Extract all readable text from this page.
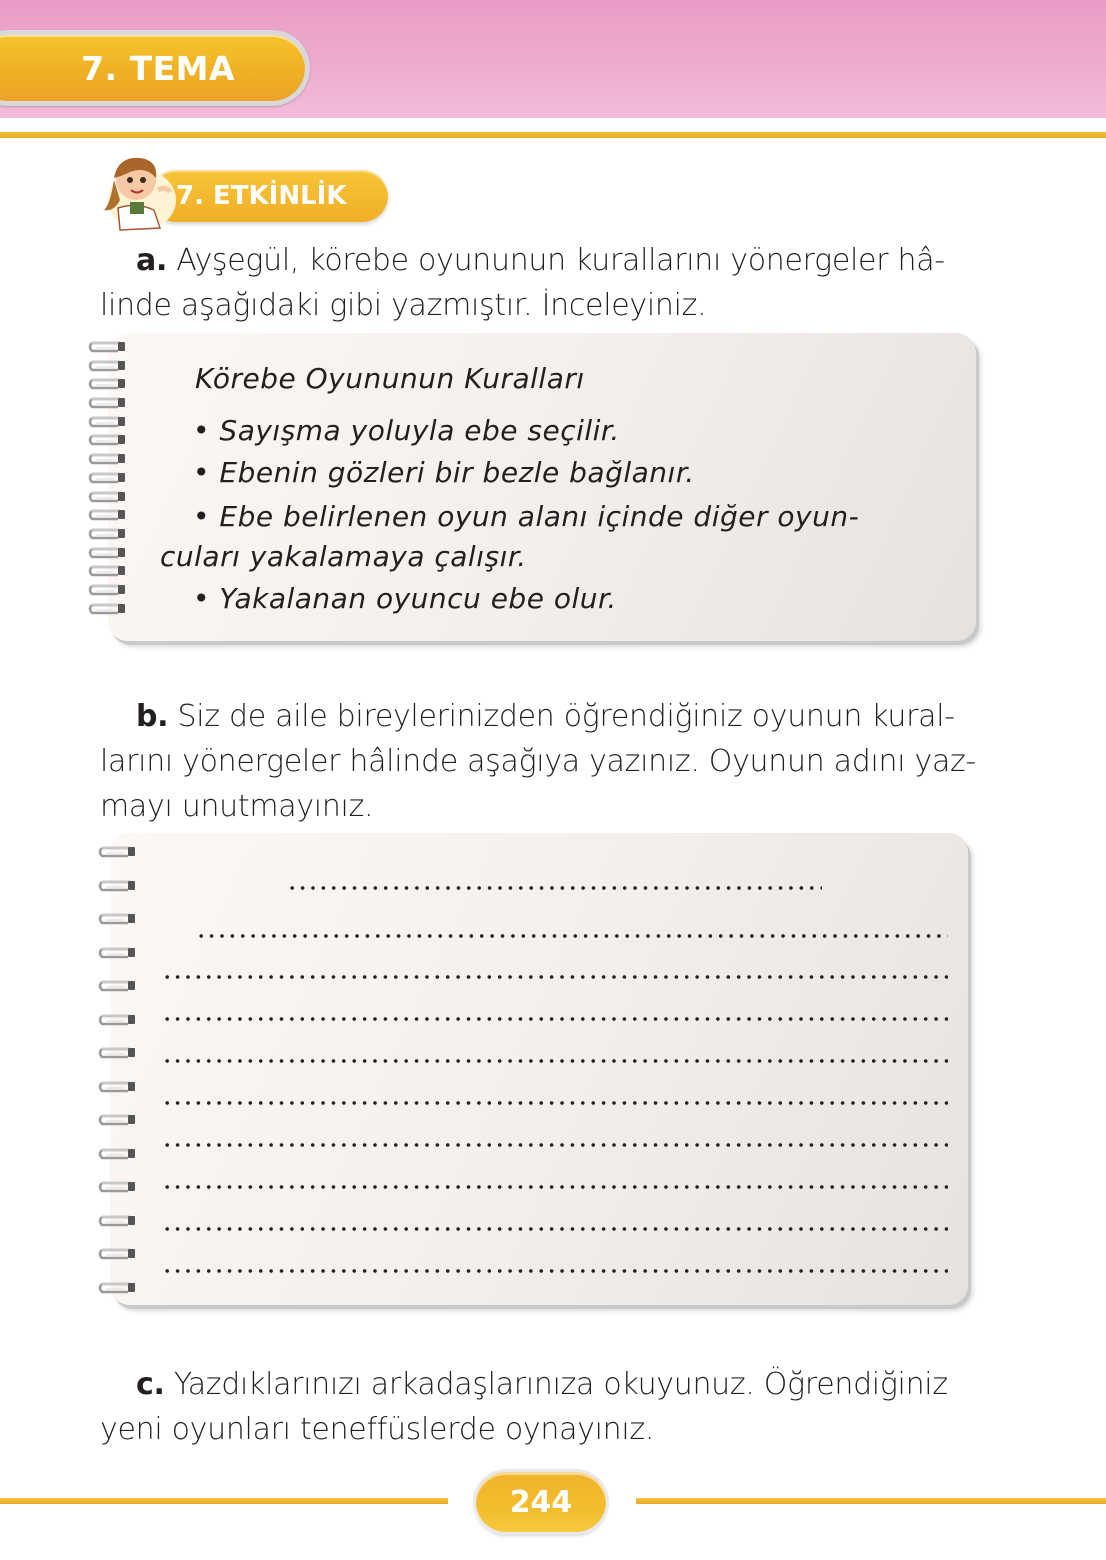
7. TEMA
7. ETKİNLİK
a. Ayşegül, körebe oyununun kurallarını yönergeler hâ-
linde aşağıdaki gibi yazmıştır. İnceleyiniz.
Körebe Oyununun Kuralları
• Sayışma yoluyla ebe seçilir.
• Ebenin gözleri bir bezle bağlanır.
• Ebe belirlenen oyun alanı içinde diğer oyun-
cuları yakalamaya çalışır.
• Yakalanan oyuncu ebe olur.
b. Siz de aile bireylerinizden öğrendiğiniz oyunun kural-
larını yönergeler hâlinde aşağıya yazınız. Oyunun adını yaz-
mayı unutmayınız.
c. Yazdıklarınızı arkadaşlarınıza okuyunuz. Öğrendiğiniz
yeni oyunları teneffüslerde oynayınız.
244
